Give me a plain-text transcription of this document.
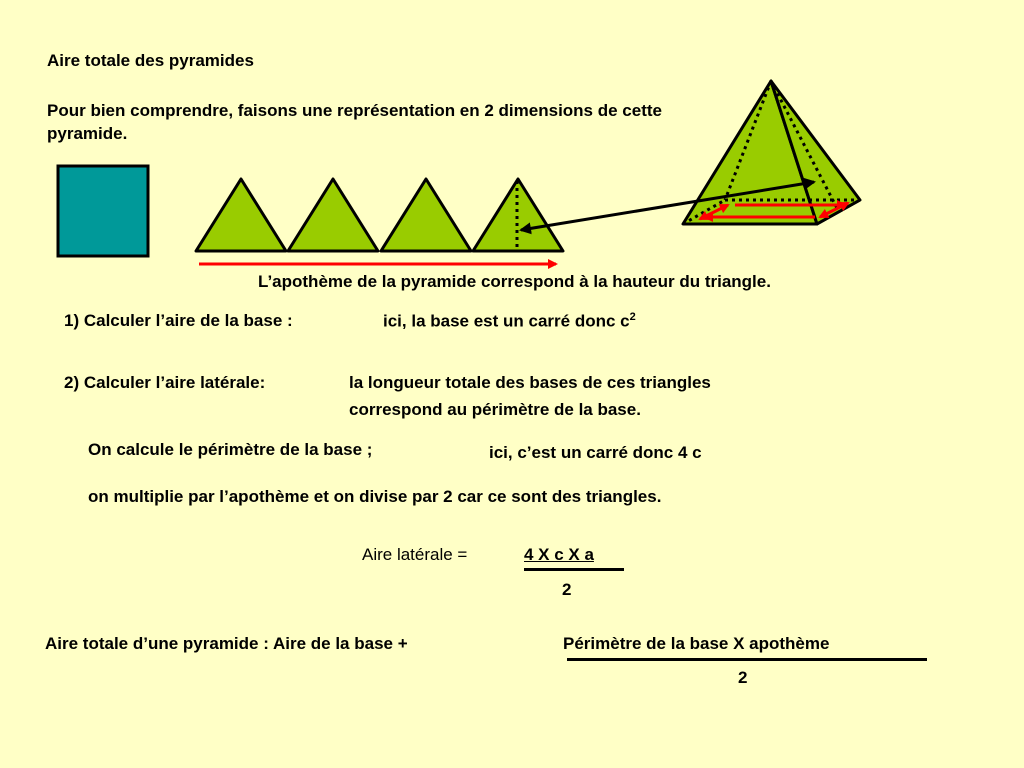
Aire totale des pyramides
Pour bien comprendre, faisons une représentation en 2 dimensions de cette pyramide.
L’apothème de la pyramide correspond à la hauteur du triangle.
1) Calculer l’aire de la base :	ici, la base est un carré donc $c^2$
2) Calculer l’aire latérale:	la longueur totale des bases de ces triangles
correspond au périmètre de la base.
On calcule le périmètre de la base ;	ici, c’est un carré donc 4 c
on multiplie par l’apothème et on divise par 2 car ce sont des triangles.
Aire latérale =	4 X c X a
2
Aire totale d’une pyramide : Aire de la base +	Périmètre de la base X apothème
2
